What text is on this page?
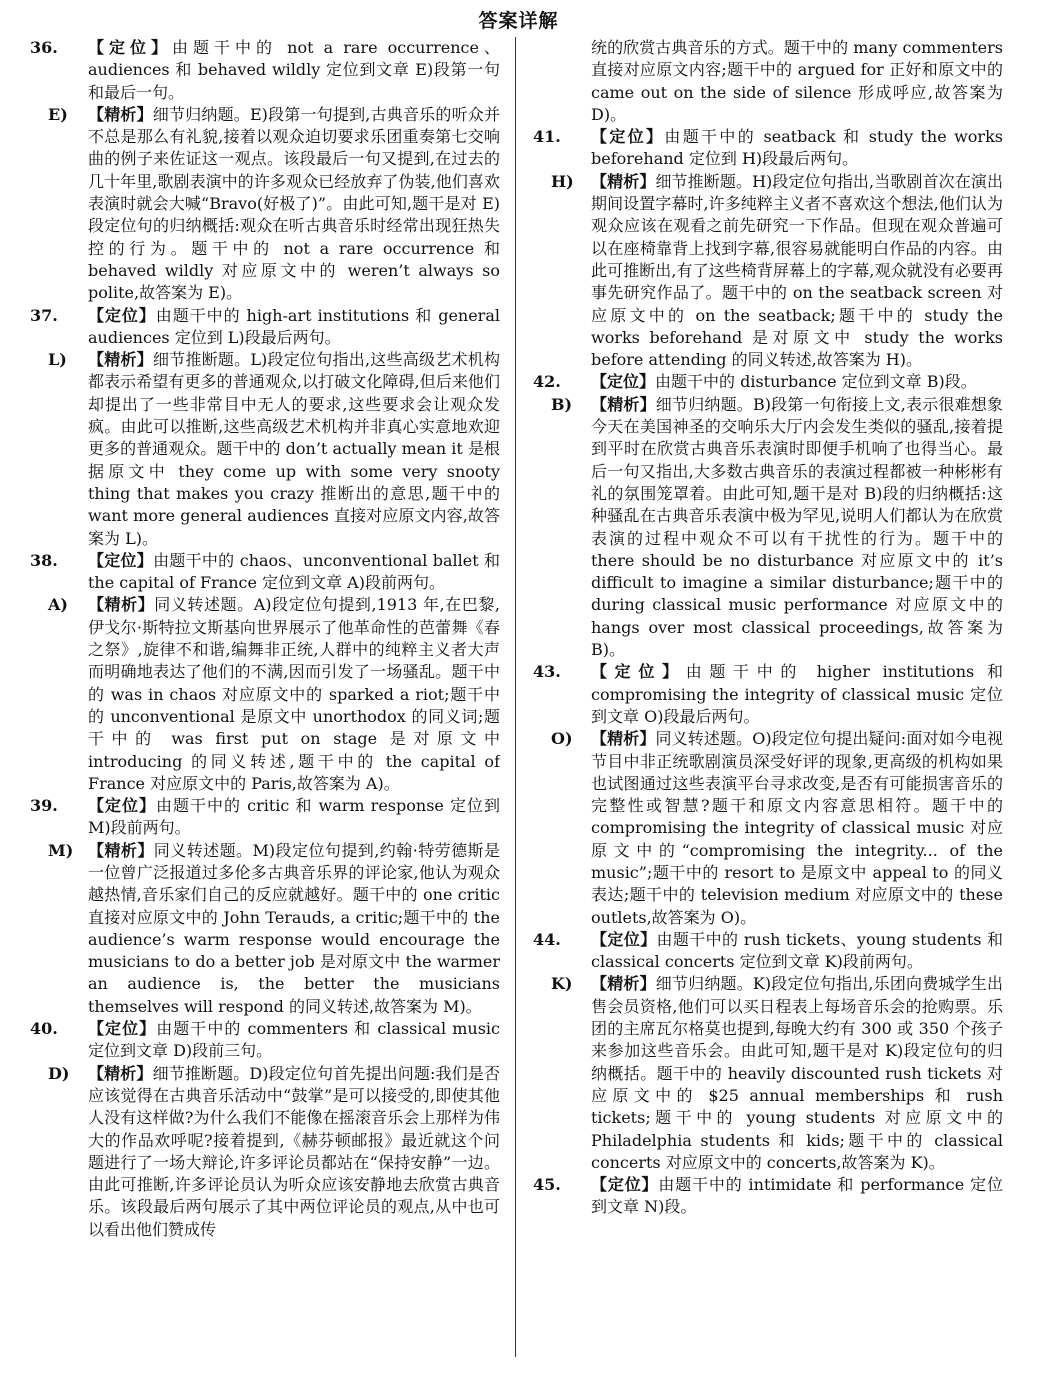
答案详解

36.	【定位】由题干中的 not a rare occurrence、audiences 和 behaved wildly 定位到文章 E)段第一句和最后一句。

E)	【精析】细节归纳题。E)段第一句提到,古典音乐的听众并不总是那么有礼貌,接着以观众迫切要求乐团重奏第七交响曲的例子来佐证这一观点。该段最后一句又提到,在过去的几十年里,歌剧表演中的许多观众已经放弃了伪装,他们喜欢表演时就会大喊“Bravo(好极了)”。由此可知,题干是对 E)段定位句的归纳概括:观众在听古典音乐时经常出现狂热失控的行为。题干中的 not a rare occurrence 和 behaved wildly 对应原文中的 weren’t always so polite,故答案为 E)。

37.	【定位】由题干中的 high-art institutions 和 general audiences 定位到 L)段最后两句。

L)	【精析】细节推断题。L)段定位句指出,这些高级艺术机构都表示希望有更多的普通观众,以打破文化障碍,但后来他们却提出了一些非常目中无人的要求,这些要求会让观众发疯。由此可以推断,这些高级艺术机构并非真心实意地欢迎更多的普通观众。题干中的 don’t actually mean it 是根据原文中 they come up with some very snooty thing that makes you crazy 推断出的意思,题干中的 want more general audiences 直接对应原文内容,故答案为 L)。

38.	【定位】由题干中的 chaos、unconventional ballet 和 the capital of France 定位到文章 A)段前两句。

A)	【精析】同义转述题。A)段定位句提到,1913 年,在巴黎,伊戈尔·斯特拉文斯基向世界展示了他革命性的芭蕾舞《春之祭》,旋律不和谐,编舞非正统,人群中的纯粹主义者大声而明确地表达了他们的不满,因而引发了一场骚乱。题干中的 was in chaos 对应原文中的 sparked a riot;题干中的 unconventional 是原文中 unorthodox 的同义词;题干中的 was first put on stage 是对原文中 introducing 的同义转述,题干中的 the capital of France 对应原文中的 Paris,故答案为 A)。

39.	【定位】由题干中的 critic 和 warm response 定位到 M)段前两句。

M) 【精析】同义转述题。M)段定位句提到,约翰·特劳德斯是一位曾广泛报道过多伦多古典音乐界的评论家,他认为观众越热情,音乐家们自己的反应就越好。题干中的 one critic 直接对应原文中的 John Terauds, a critic;题干中的 the audience’s warm response would encourage the musicians to do a better job 是对原文中 the warmer an audience is, the better the musicians themselves will respond 的同义转述,故答案为 M)。

40.	【定位】由题干中的 commenters 和 classical music 定位到文章 D)段前三句。

D)	【精析】细节推断题。D)段定位句首先提出问题:我们是否应该觉得在古典音乐活动中“鼓掌”是可以接受的,即使其他人没有这样做?为什么我们不能像在摇滚音乐会上那样为伟大的作品欢呼呢?接着提到,《赫芬顿邮报》最近就这个问题进行了一场大辩论,许多评论员都站在“保持安静”一边。由此可推断,许多评论员认为听众应该安静地去欣赏古典音乐。该段最后两句展示了其中两位评论员的观点,从中也可以看出他们赞成传

统的欣赏古典音乐的方式。题干中的 many commenters 直接对应原文内容;题干中的 argued for 正好和原文中的 came out on the side of silence 形成呼应,故答案为 D)。

41.	【定位】由题干中的 seatback 和 study the works beforehand 定位到 H)段最后两句。

H)	【精析】细节推断题。H)段定位句指出,当歌剧首次在演出期间设置字幕时,许多纯粹主义者不喜欢这个想法,他们认为观众应该在观看之前先研究一下作品。但现在观众普遍可以在座椅靠背上找到字幕,很容易就能明白作品的内容。由此可推断出,有了这些椅背屏幕上的字幕,观众就没有必要再事先研究作品了。题干中的 on the seatback screen 对应原文中的 on the seatback;题干中的 study the works beforehand 是对原文中 study the works before attending 的同义转述,故答案为 H)。

42.	【定位】由题干中的 disturbance 定位到文章 B)段。

B)	【精析】细节归纳题。B)段第一句衔接上文,表示很难想象今天在美国神圣的交响乐大厅内会发生类似的骚乱,接着提到平时在欣赏古典音乐表演时即便手机响了也得当心。最后一句又指出,大多数古典音乐的表演过程都被一种彬彬有礼的氛围笼罩着。由此可知,题干是对 B)段的归纳概括:这种骚乱在古典音乐表演中极为罕见,说明人们都认为在欣赏表演的过程中观众不可以有干扰性的行为。题干中的 there should be no disturbance 对应原文中的 it’s difficult to imagine a similar disturbance;题干中的 during classical music performance 对应原文中的 hangs over most classical proceedings,故答案为 B)。

43.	【定位】由题干中的 higher institutions 和 compromising the integrity of classical music 定位到文章 O)段最后两句。

O)	【精析】同义转述题。O)段定位句提出疑问:面对如今电视节目中非正统歌剧演员深受好评的现象,更高级的机构如果也试图通过这些表演平台寻求改变,是否有可能损害音乐的完整性或智慧?题干和原文内容意思相符。题干中的 compromising the integrity of classical music 对应原文中的“compromising the integrity... of the music”;题干中的 resort to 是原文中 appeal to 的同义表达;题干中的 television medium 对应原文中的 these outlets,故答案为 O)。

44.	【定位】由题干中的 rush tickets、young students 和 classical concerts 定位到文章 K)段前两句。

K)	【精析】细节归纳题。K)段定位句指出,乐团向费城学生出售会员资格,他们可以买日程表上每场音乐会的抢购票。乐团的主席瓦尔格莫也提到,每晚大约有 300 或 350 个孩子来参加这些音乐会。由此可知,题干是对 K)段定位句的归纳概括。题干中的 heavily discounted rush tickets 对应原文中的 $25 annual memberships 和 rush tickets;题干中的 young students 对应原文中的 Philadelphia students 和 kids;题干中的 classical concerts 对应原文中的 concerts,故答案为 K)。

45.	【定位】由题干中的 intimidate 和 performance 定位到文章 N)段。
